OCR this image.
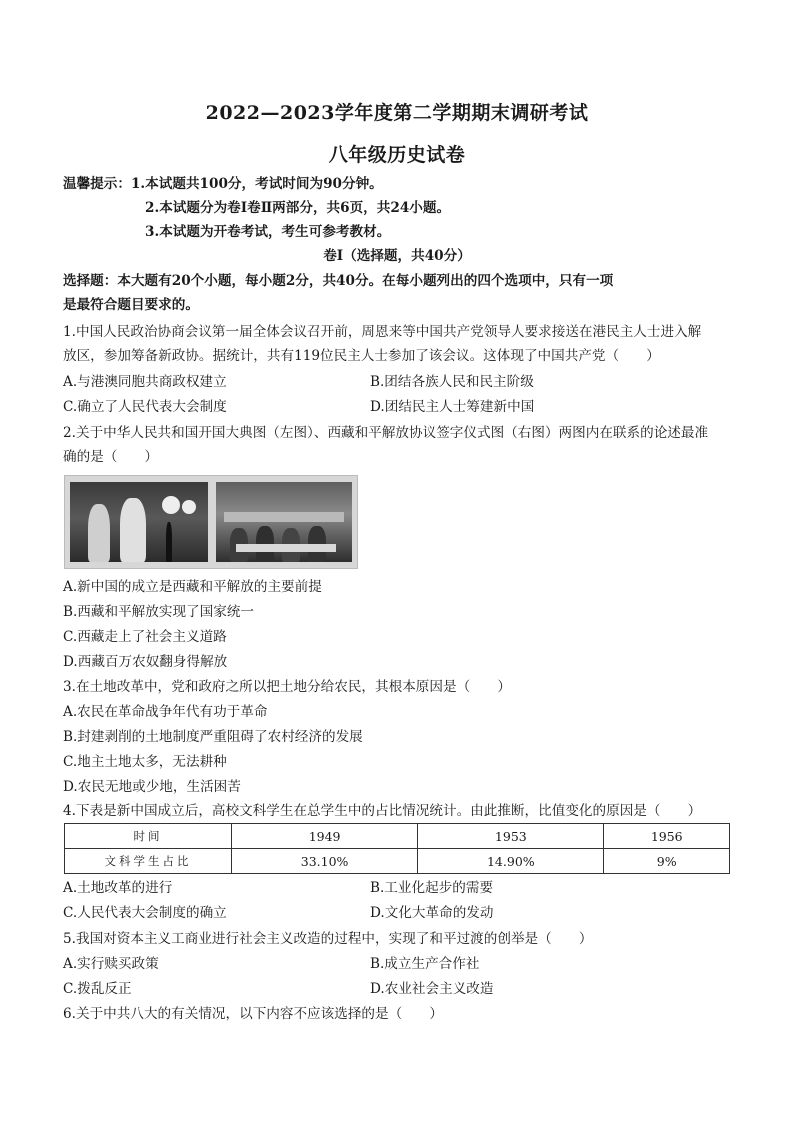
2022—2023学年度第二学期期末调研考试
八年级历史试卷
温馨提示：1.本试题共100分，考试时间为90分钟。
2.本试题分为卷Ⅰ卷Ⅱ两部分，共6页，共24小题。
3.本试题为开卷考试，考生可参考教材。
卷Ⅰ（选择题，共40分）
选择题：本大题有20个小题，每小题2分，共40分。在每小题列出的四个选项中，只有一项
是最符合题目要求的。
1.中国人民政治协商会议第一届全体会议召开前，周恩来等中国共产党领导人要求接送在港民主人士进入解
放区，参加筹备新政协。据统计，共有119位民主人士参加了该会议。这体现了中国共产党（　　）
A.与港澳同胞共商政权建立	B.团结各族人民和民主阶级
C.确立了人民代表大会制度	D.团结民主人士筹建新中国
2.关于中华人民共和国开国大典图（左图）、西藏和平解放协议签字仪式图（右图）两图内在联系的论述最准
确的是（　　）
A.新中国的成立是西藏和平解放的主要前提
B.西藏和平解放实现了国家统一
C.西藏走上了社会主义道路
D.西藏百万农奴翻身得解放
3.在土地改革中，党和政府之所以把土地分给农民，其根本原因是（　　）
A.农民在革命战争年代有功于革命
B.封建剥削的土地制度严重阻碍了农村经济的发展
C.地主土地太多，无法耕种
D.农民无地或少地，生活困苦
4.下表是新中国成立后，高校文科学生在总学生中的占比情况统计。由此推断，比值变化的原因是（　　）
时间	1949	1953	1956
文科学生占比	33.10%	14.90%	9%
A.土地改革的进行	B.工业化起步的需要
C.人民代表大会制度的确立	D.文化大革命的发动
5.我国对资本主义工商业进行社会主义改造的过程中，实现了和平过渡的创举是（　　）
A.实行赎买政策	B.成立生产合作社
C.拨乱反正	D.农业社会主义改造
6.关于中共八大的有关情况，以下内容不应该选择的是（　　）
